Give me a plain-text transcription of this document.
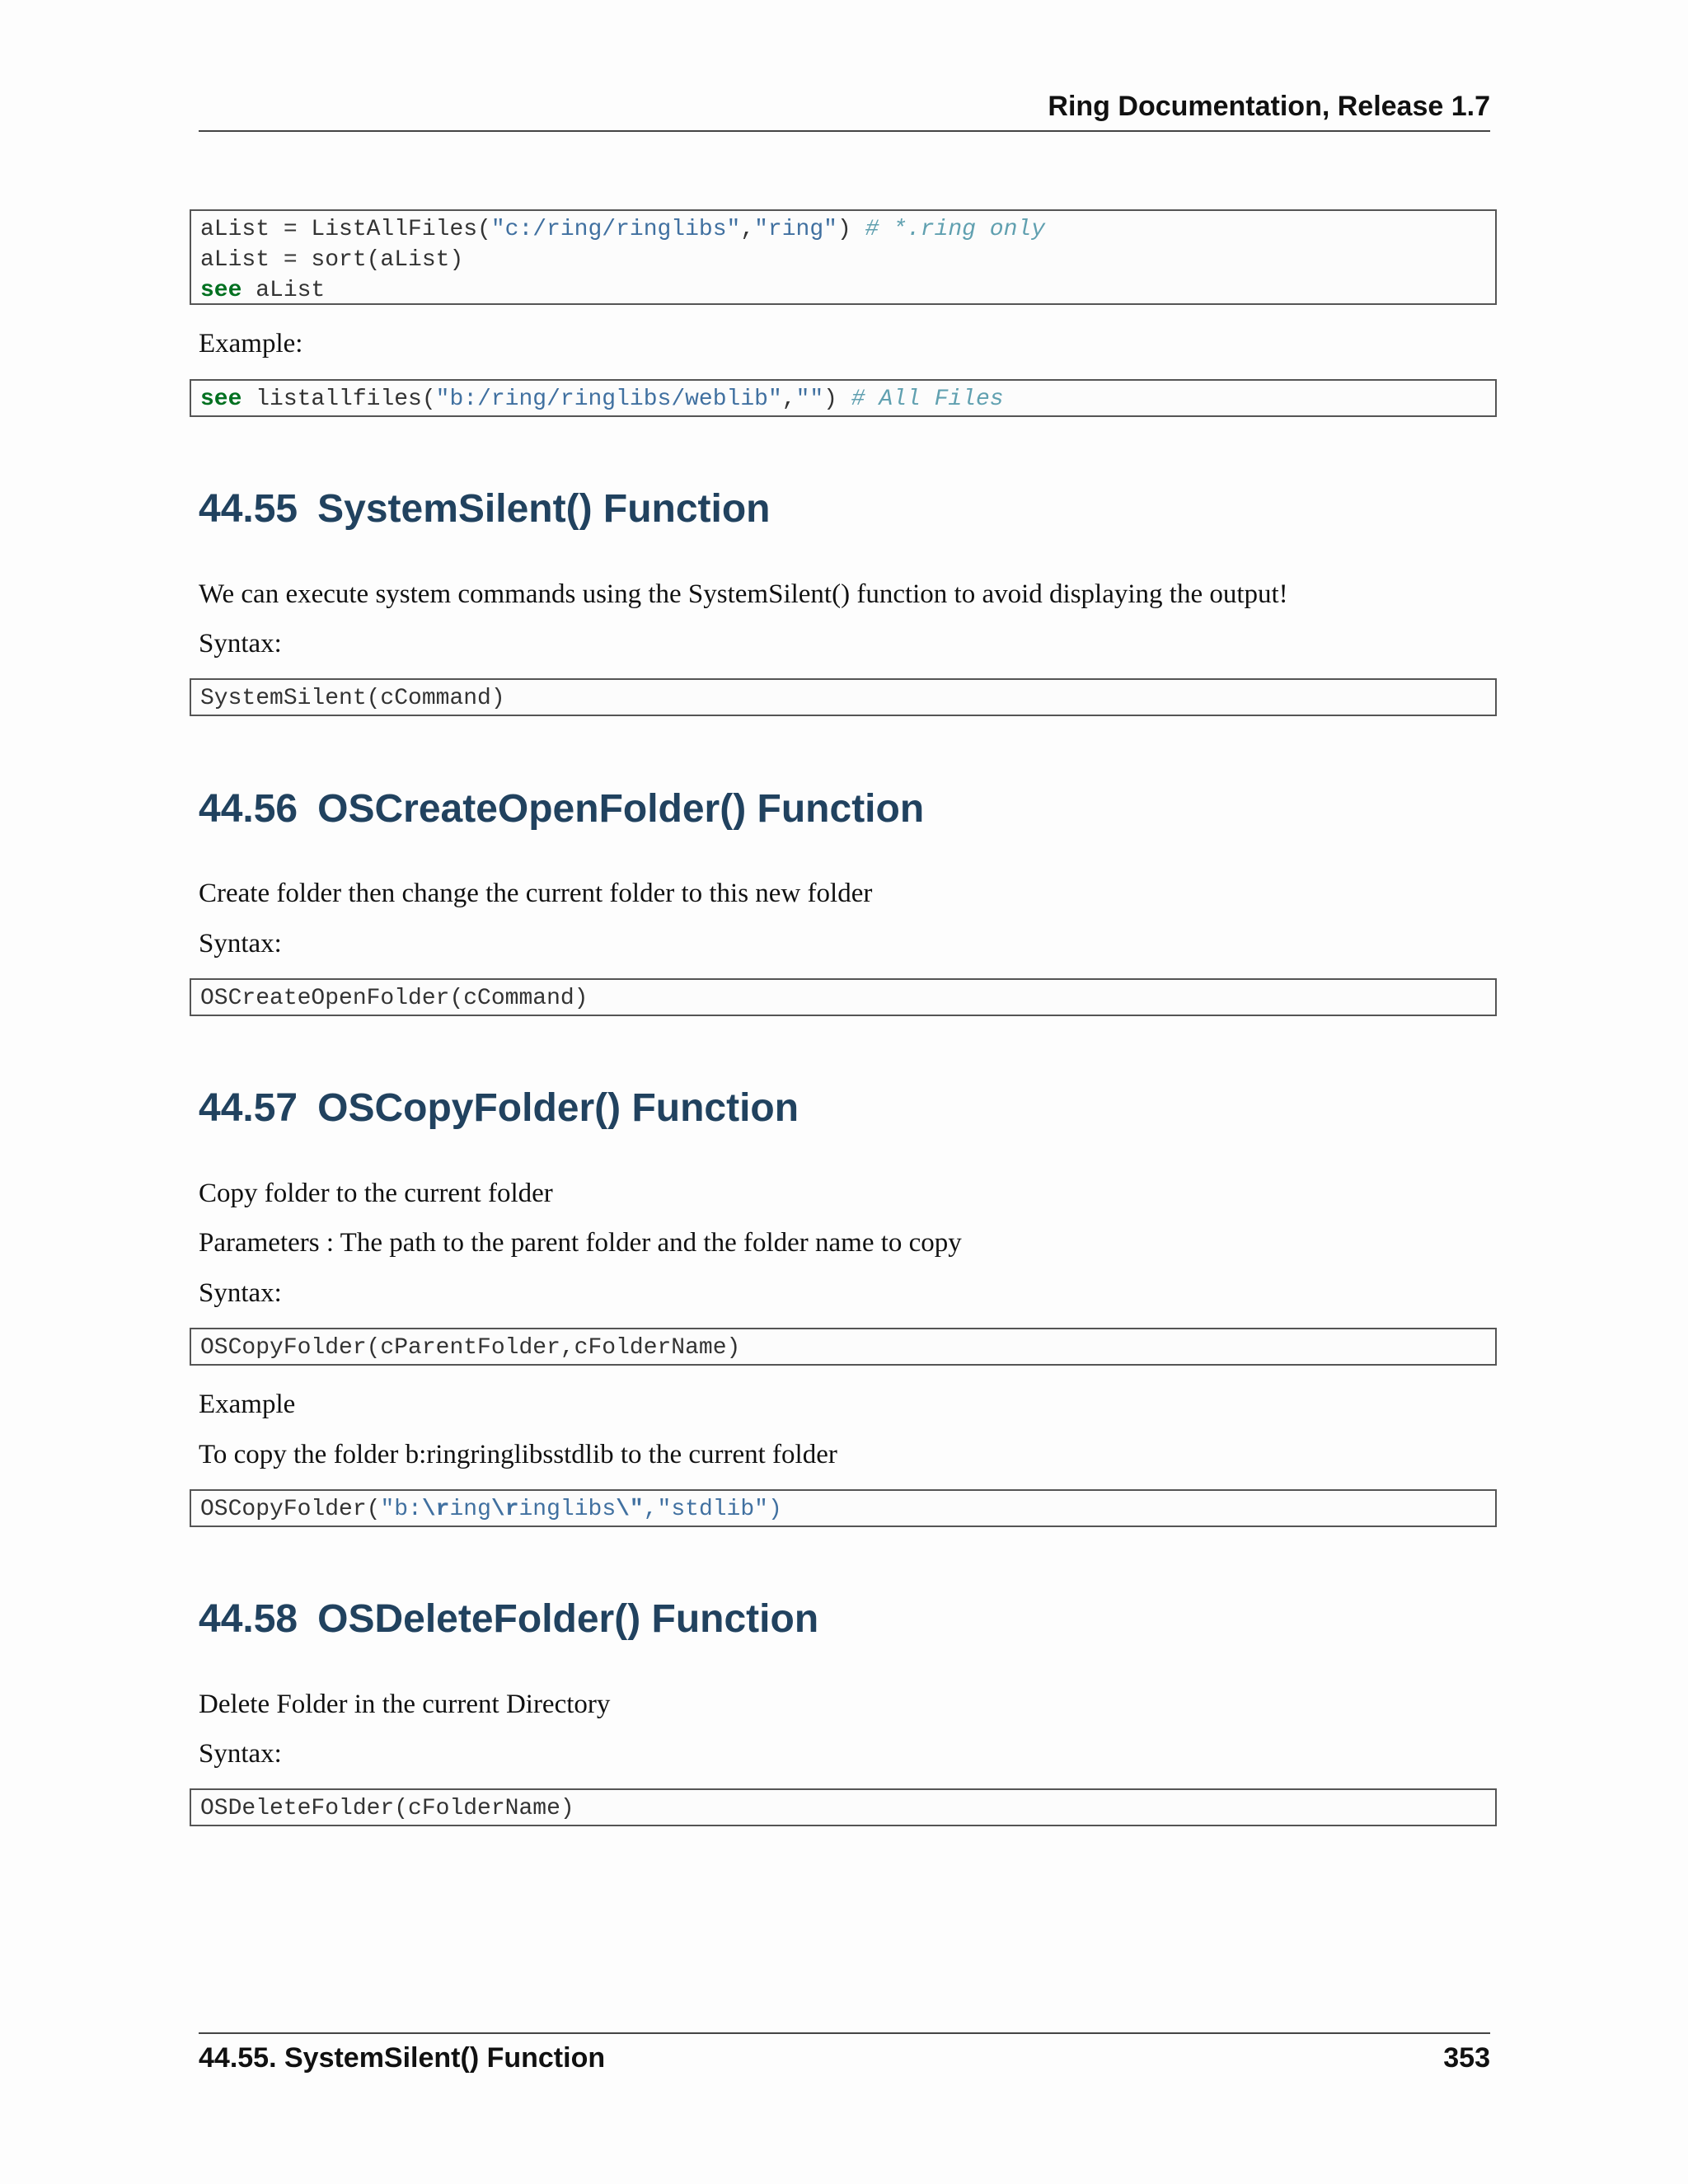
Ring Documentation, Release 1.7

aList = ListAllFiles("c:/ring/ringlibs","ring") # *.ring only
aList = sort(aList)
see aList

Example:

see listallfiles("b:/ring/ringlibs/weblib","") # All Files
44.55 SystemSilent() Function

We can execute system commands using the SystemSilent() function to avoid displaying the output!

Syntax:

SystemSilent(cCommand)
44.56 OSCreateOpenFolder() Function

Create folder then change the current folder to this new folder

Syntax:

OSCreateOpenFolder(cCommand)
44.57 OSCopyFolder() Function

Copy folder to the current folder

Parameters : The path to the parent folder and the folder name to copy

Syntax:

OSCopyFolder(cParentFolder,cFolderName)

Example

To copy the folder b:ringringlibsstdlib to the current folder

OSCopyFolder("b:\ring\ringlibs\","stdlib")
44.58 OSDeleteFolder() Function

Delete Folder in the current Directory

Syntax:

OSDeleteFolder(cFolderName)

44.55. SystemSilent() Function	353
